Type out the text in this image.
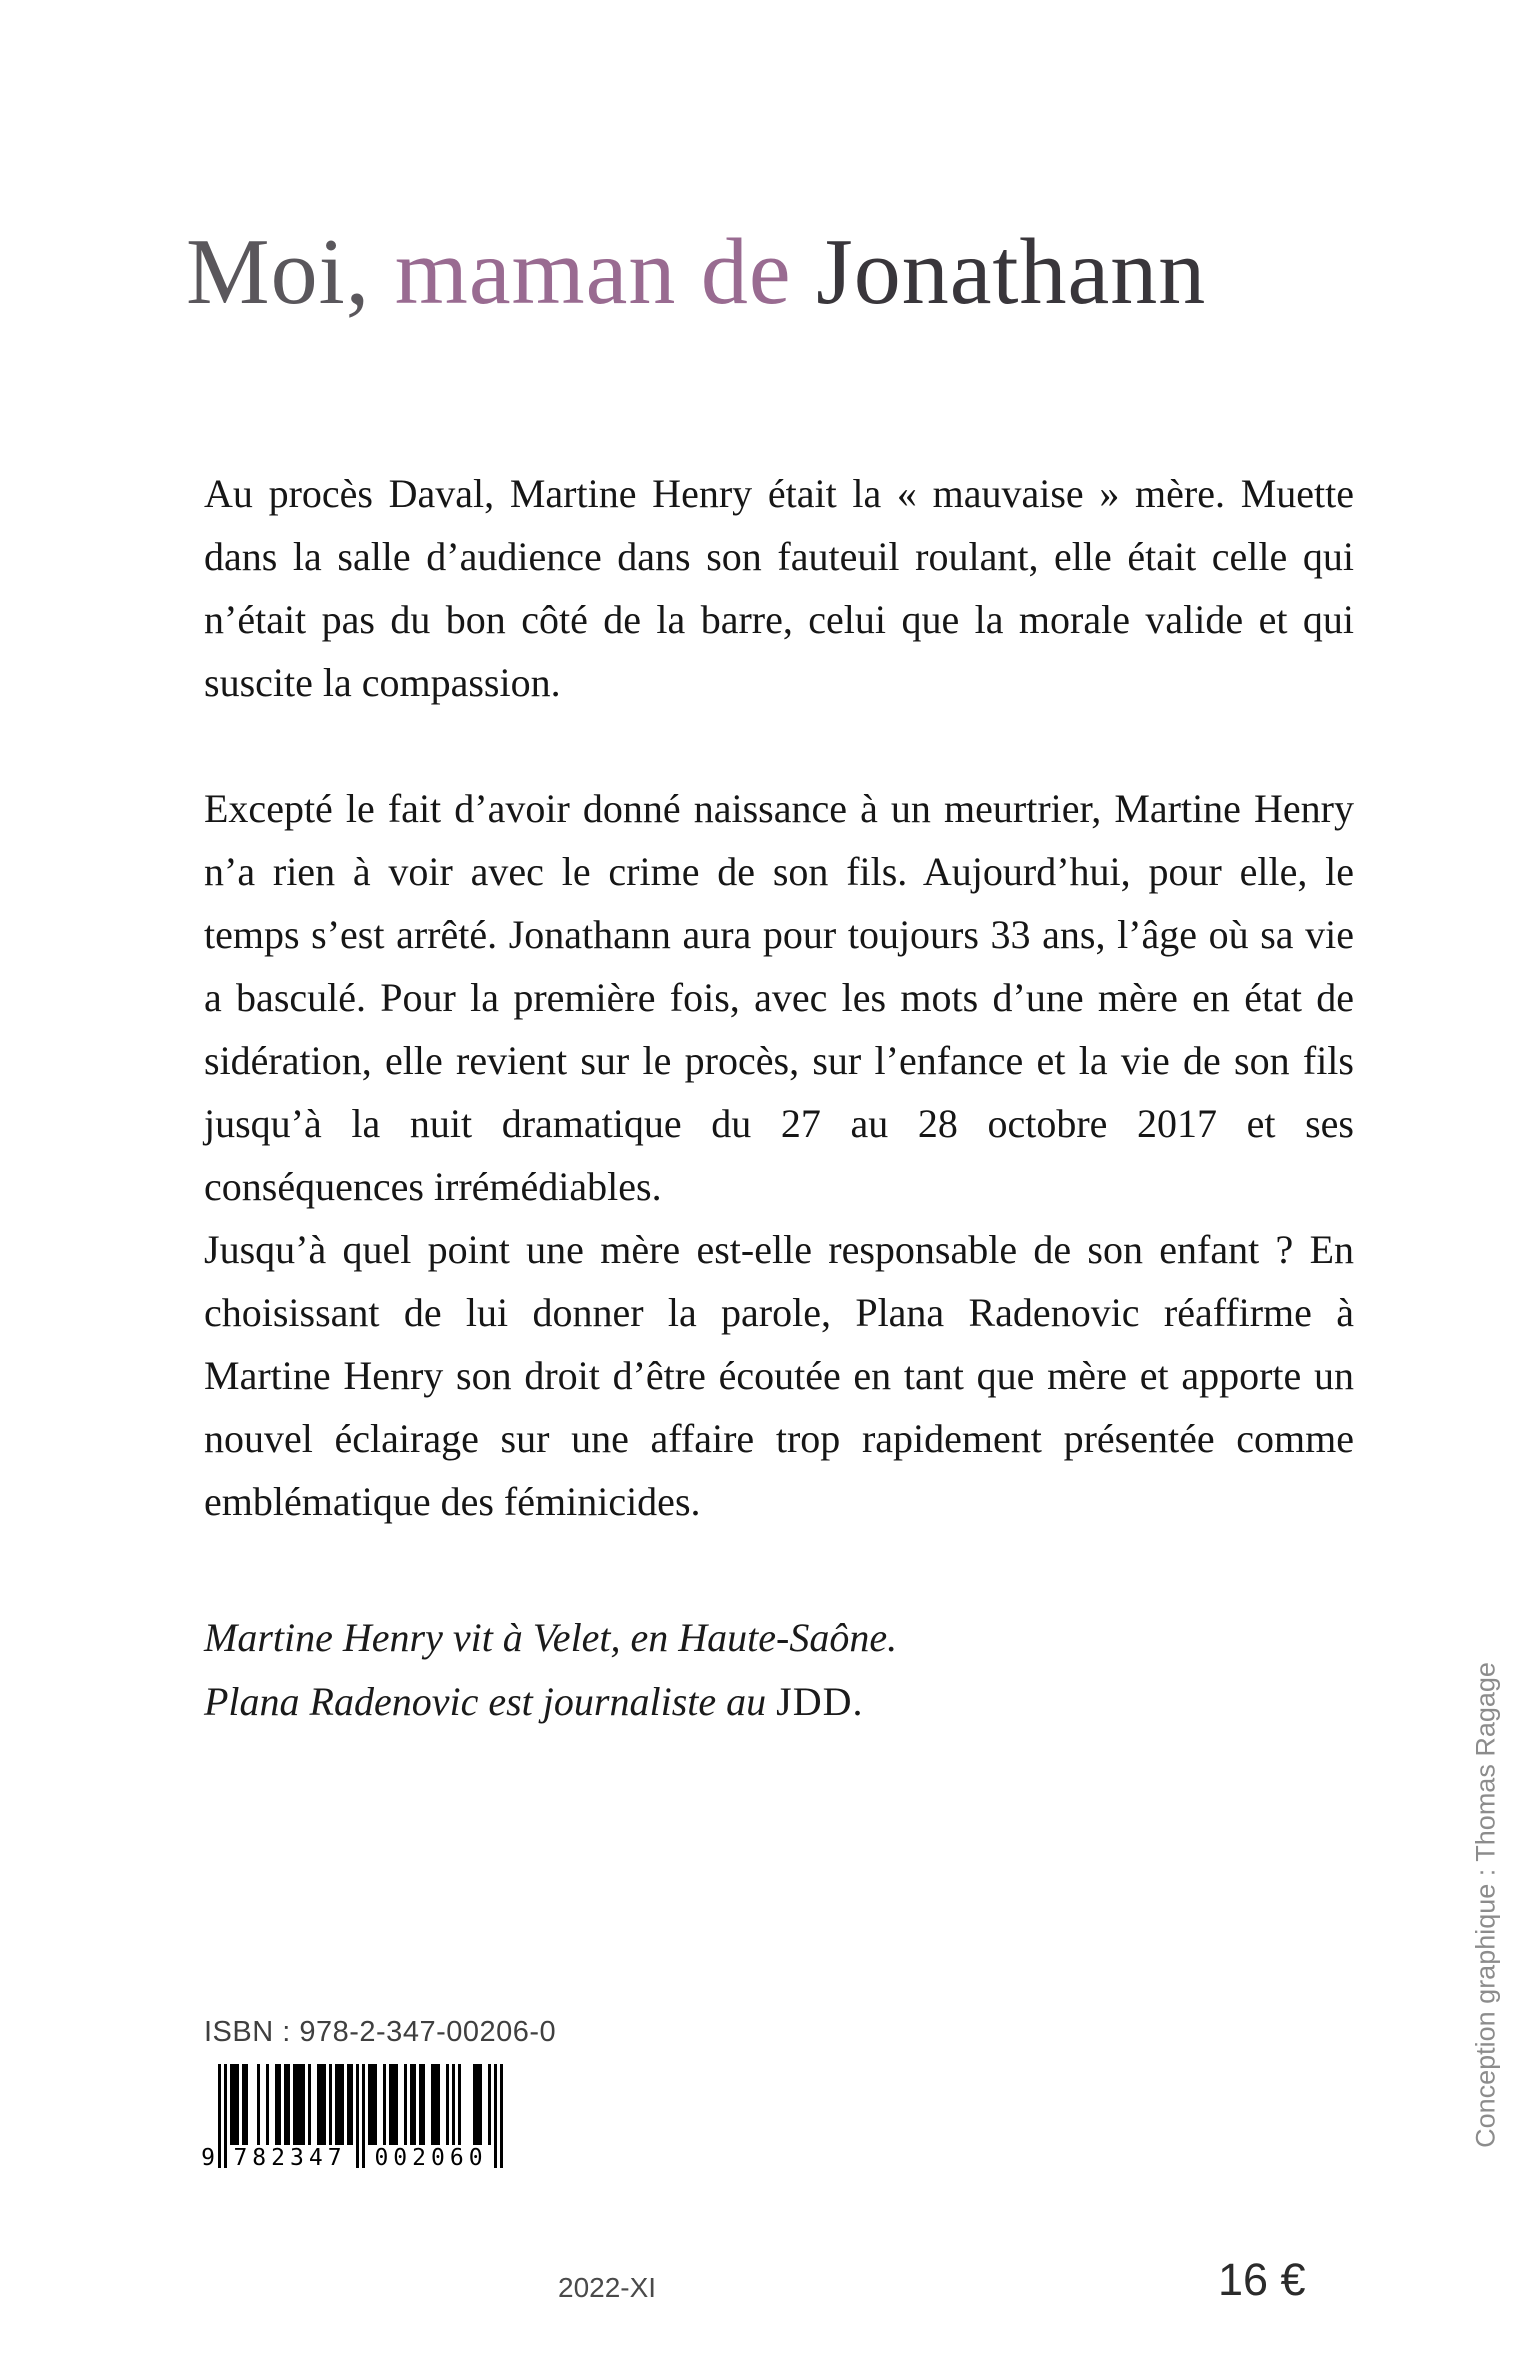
Moi, maman de Jonathann

Au procès Daval, Martine Henry était la « mauvaise » mère. Muette dans la salle d’audience dans son fauteuil roulant, elle était celle qui n’était pas du bon côté de la barre, celui que la morale valide et qui suscite la compassion.

Excepté le fait d’avoir donné naissance à un meurtrier, Martine Henry n’a rien à voir avec le crime de son fils. Aujourd’hui, pour elle, le temps s’est arrêté. Jonathann aura pour toujours 33 ans, l’âge où sa vie a basculé. Pour la première fois, avec les mots d’une mère en état de sidération, elle revient sur le procès, sur l’enfance et la vie de son fils jusqu’à la nuit dramatique du 27 au 28 octobre 2017 et ses conséquences irrémédiables.

Jusqu’à quel point une mère est-elle responsable de son enfant ? En choisissant de lui donner la parole, Plana Radenovic réaffirme à Martine Henry son droit d’être écoutée en tant que mère et apporte un nouvel éclairage sur une affaire trop rapidement présentée comme emblématique des féminicides.

Martine Henry vit à Velet, en Haute-Saône.

Plana Radenovic est journaliste au JDD.

ISBN : 978-2-347-00206-0
9 782347 002060
2022-XI	16 €
Conception graphique : Thomas Ragage
